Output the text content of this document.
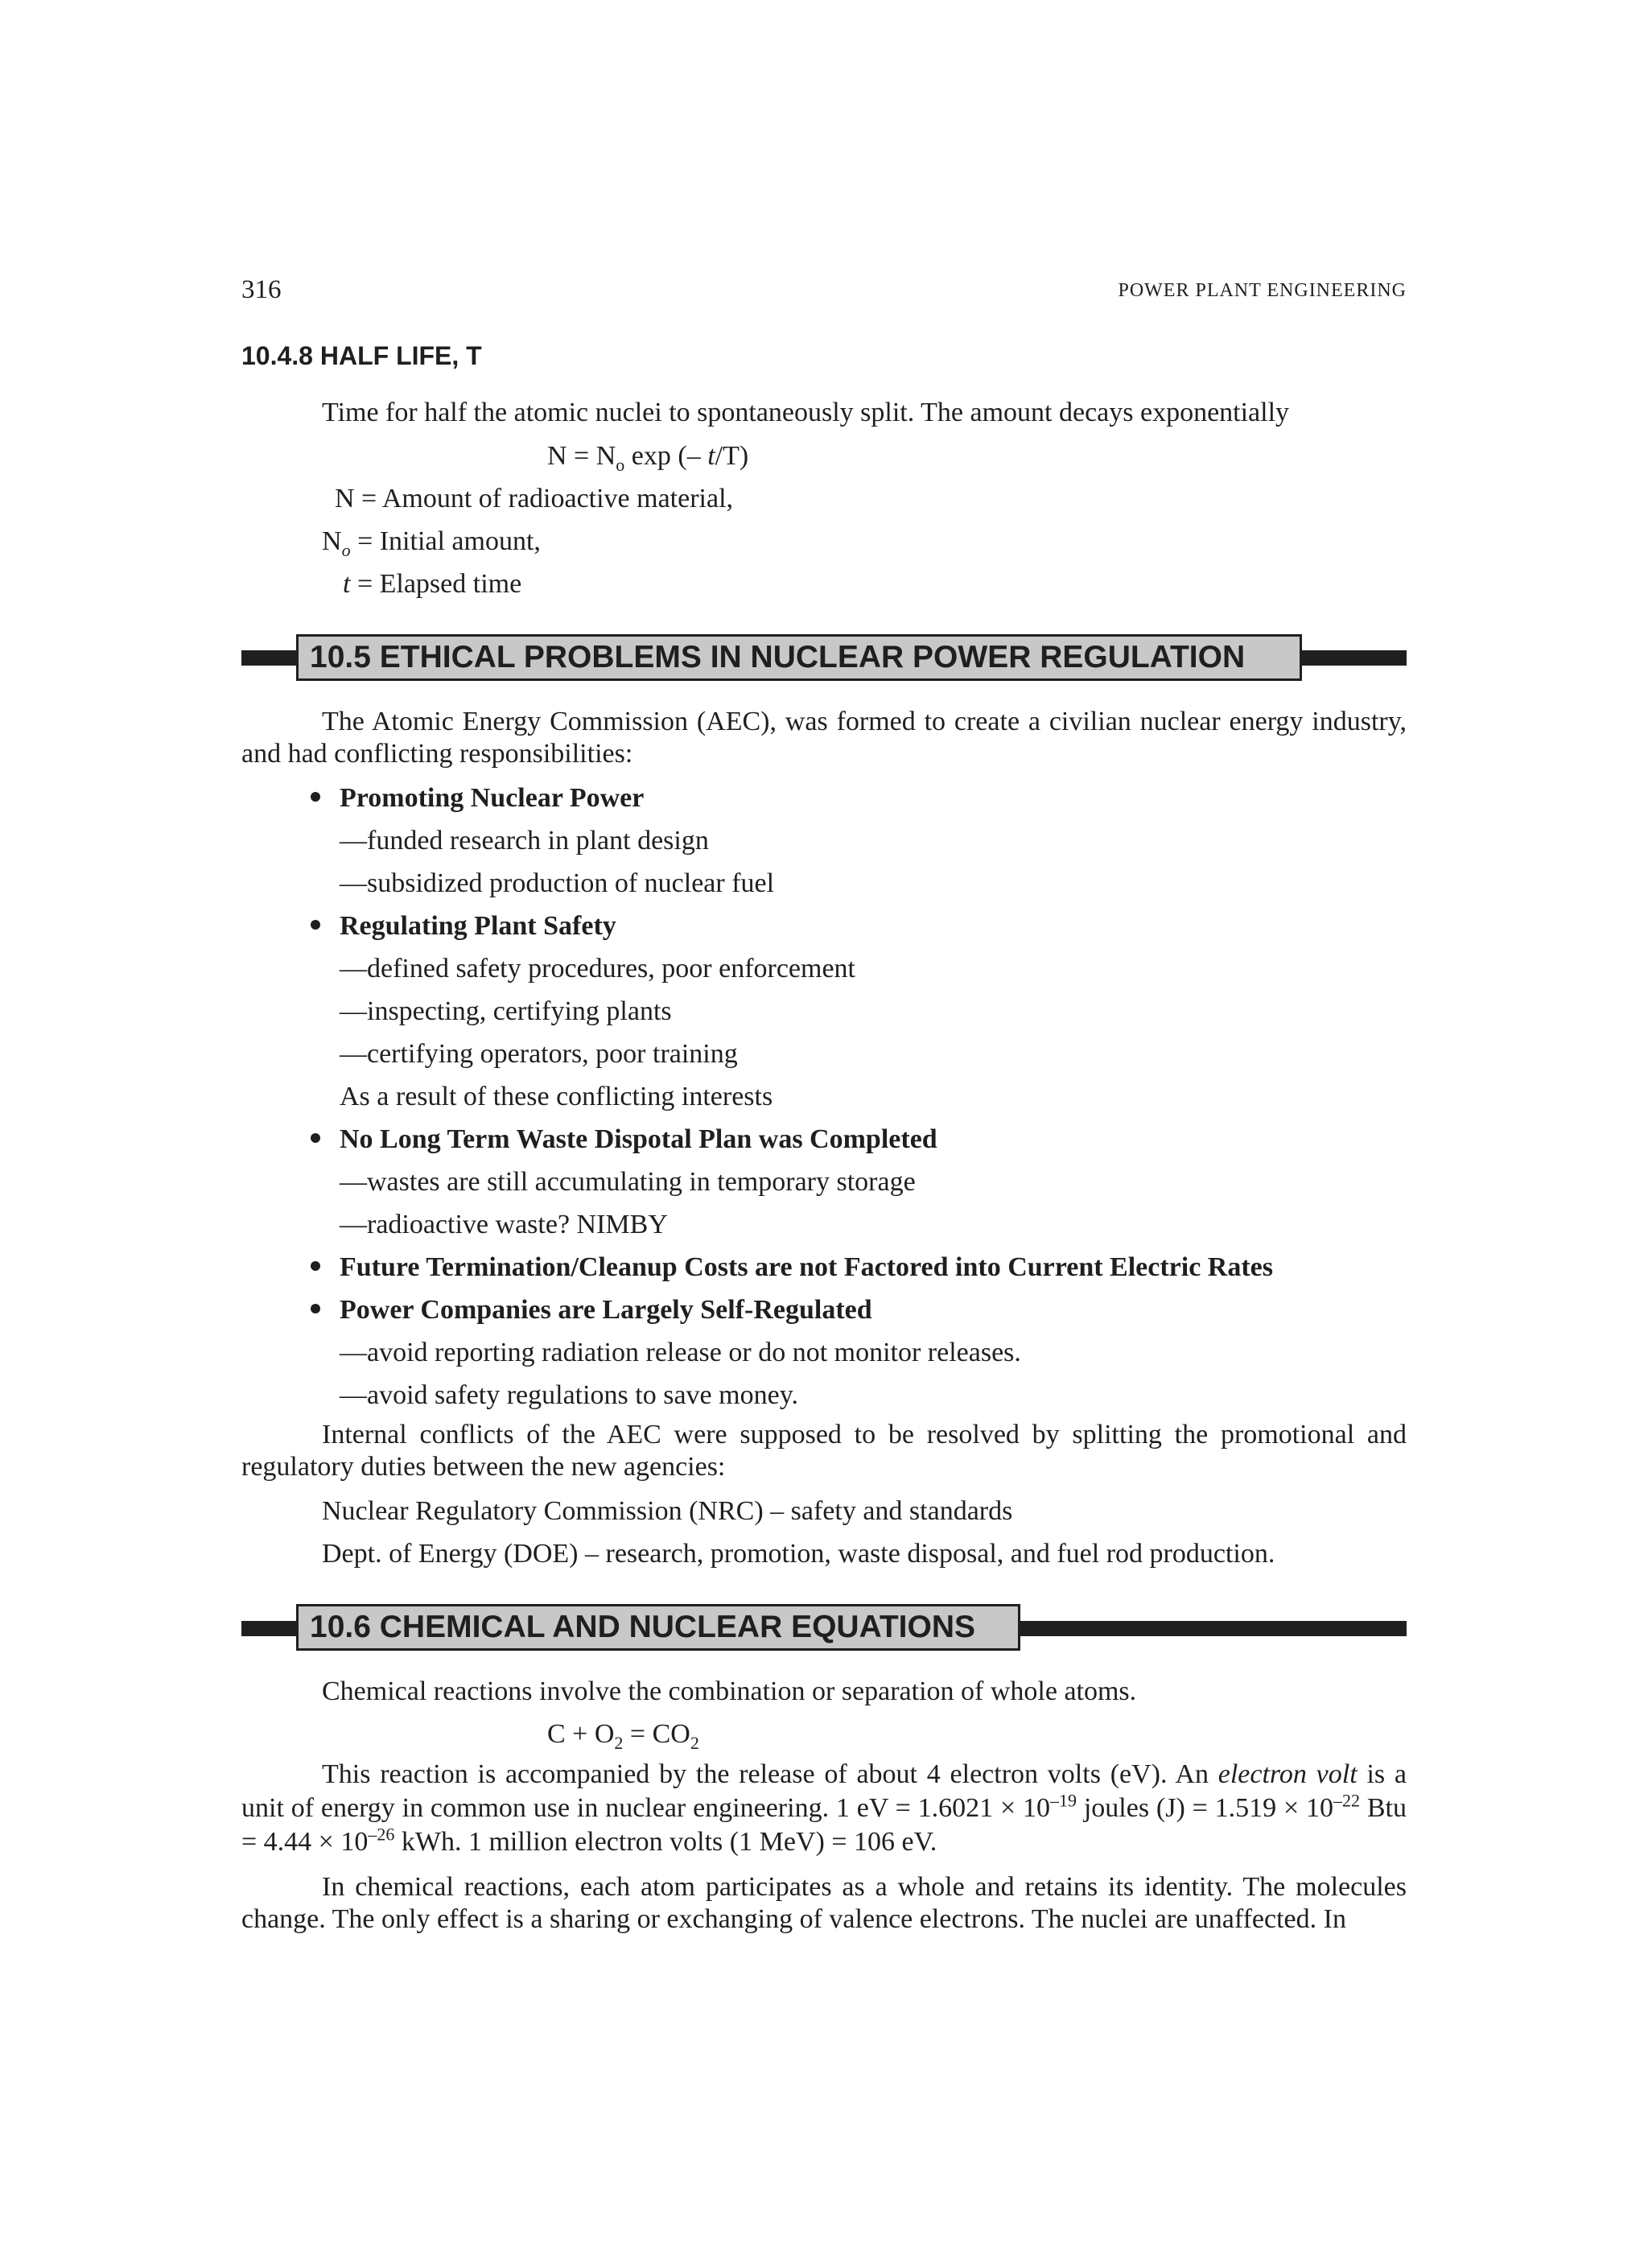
316	POWER PLANT ENGINEERING
10.4.8 HALF LIFE, T
Time for half the atomic nuclei to spontaneously split. The amount decays exponentially
$N = N_o$ exp (– t/T)
N = Amount of radioactive material,
$N_o$ = Initial amount,
t = Elapsed time
10.5 ETHICAL PROBLEMS IN NUCLEAR POWER REGULATION
The Atomic Energy Commission (AEC), was formed to create a civilian nuclear energy industry, and had conflicting responsibilities:
Promoting Nuclear Power
—funded research in plant design
—subsidized production of nuclear fuel
Regulating Plant Safety
—defined safety procedures, poor enforcement
—inspecting, certifying plants
—certifying operators, poor training
As a result of these conflicting interests
No Long Term Waste Dispotal Plan was Completed
—wastes are still accumulating in temporary storage
—radioactive waste? NIMBY
Future Termination/Cleanup Costs are not Factored into Current Electric Rates
Power Companies are Largely Self-Regulated
—avoid reporting radiation release or do not monitor releases.
—avoid safety regulations to save money.
Internal conflicts of the AEC were supposed to be resolved by splitting the promotional and regulatory duties between the new agencies:
Nuclear Regulatory Commission (NRC) – safety and standards
Dept. of Energy (DOE) – research, promotion, waste disposal, and fuel rod production.
10.6 CHEMICAL AND NUCLEAR EQUATIONS
Chemical reactions involve the combination or separation of whole atoms.
$C + O_2 = CO_2$
This reaction is accompanied by the release of about 4 electron volts (eV). An electron volt is a unit of energy in common use in nuclear engineering. 1 eV = $1.6021 \times 10^{-19}$ joules $(J) = 1.519 \times 10^{-22}$ Btu = $4.44 \times 10^{-26}$ kWh. 1 million electron volts (1 MeV) = 106 eV.
In chemical reactions, each atom participates as a whole and retains its identity. The molecules change. The only effect is a sharing or exchanging of valence electrons. The nuclei are unaffected. In
